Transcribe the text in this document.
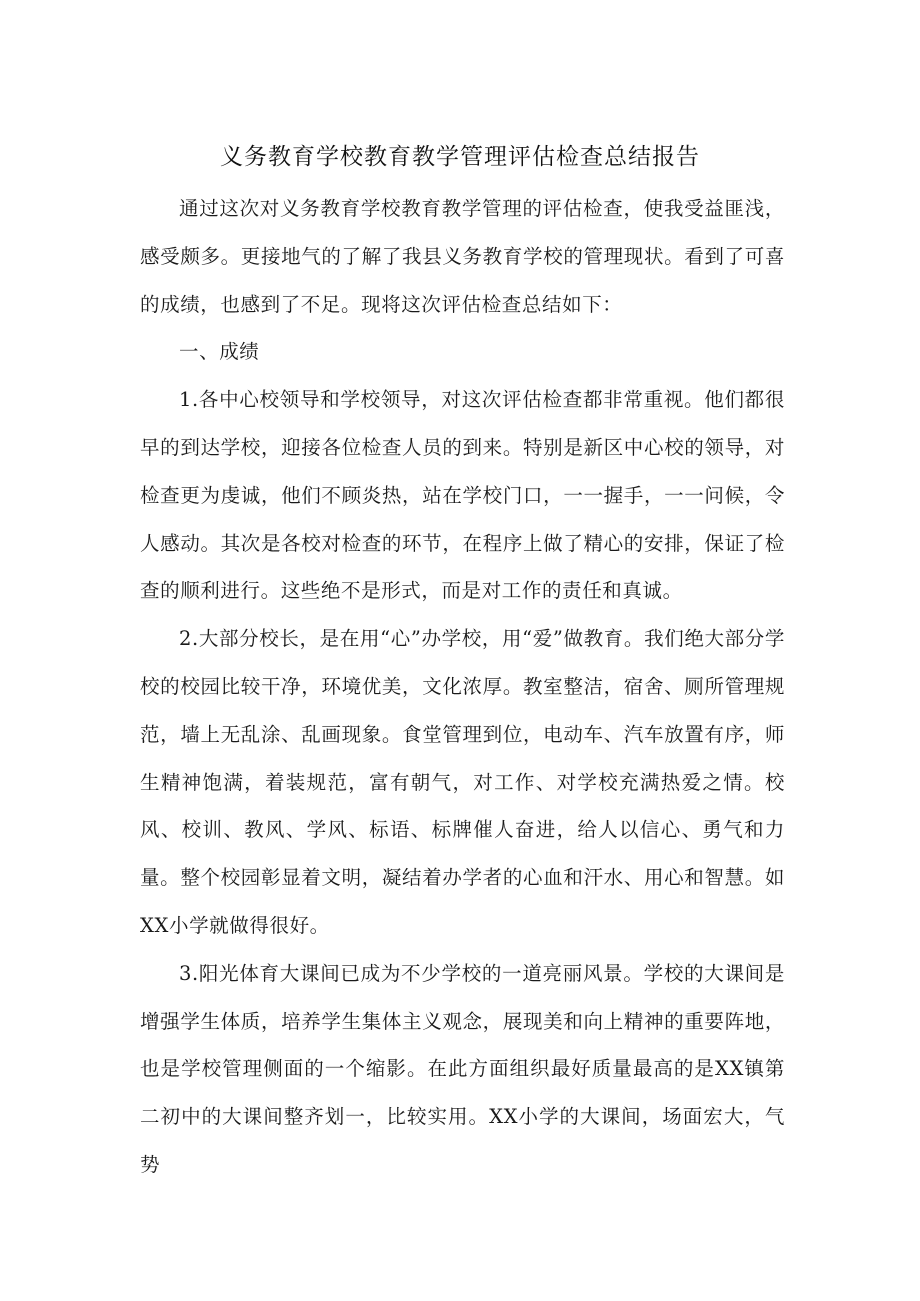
义务教育学校教育教学管理评估检查总结报告

通过这次对义务教育学校教育教学管理的评估检查，使我受益匪浅，感受颇多。更接地气的了解了我县义务教育学校的管理现状。看到了可喜的成绩，也感到了不足。现将这次评估检查总结如下：

一、成绩

1.各中心校领导和学校领导，对这次评估检查都非常重视。他们都很早的到达学校，迎接各位检查人员的到来。特别是新区中心校的领导，对检查更为虔诚，他们不顾炎热，站在学校门口，一一握手，一一问候，令人感动。其次是各校对检查的环节，在程序上做了精心的安排，保证了检查的顺利进行。这些绝不是形式，而是对工作的责任和真诚。

2.大部分校长，是在用“心”办学校，用“爱”做教育。我们绝大部分学校的校园比较干净，环境优美，文化浓厚。教室整洁，宿舍、厕所管理规范，墙上无乱涂、乱画现象。食堂管理到位，电动车、汽车放置有序，师生精神饱满，着装规范，富有朝气，对工作、对学校充满热爱之情。校风、校训、教风、学风、标语、标牌催人奋进，给人以信心、勇气和力量。整个校园彰显着文明，凝结着办学者的心血和汗水、用心和智慧。如XX小学就做得很好。

3.阳光体育大课间已成为不少学校的一道亮丽风景。学校的大课间是增强学生体质，培养学生集体主义观念，展现美和向上精神的重要阵地，也是学校管理侧面的一个缩影。在此方面组织最好质量最高的是XX镇第二初中的大课间整齐划一，比较实用。XX小学的大课间，场面宏大，气势
